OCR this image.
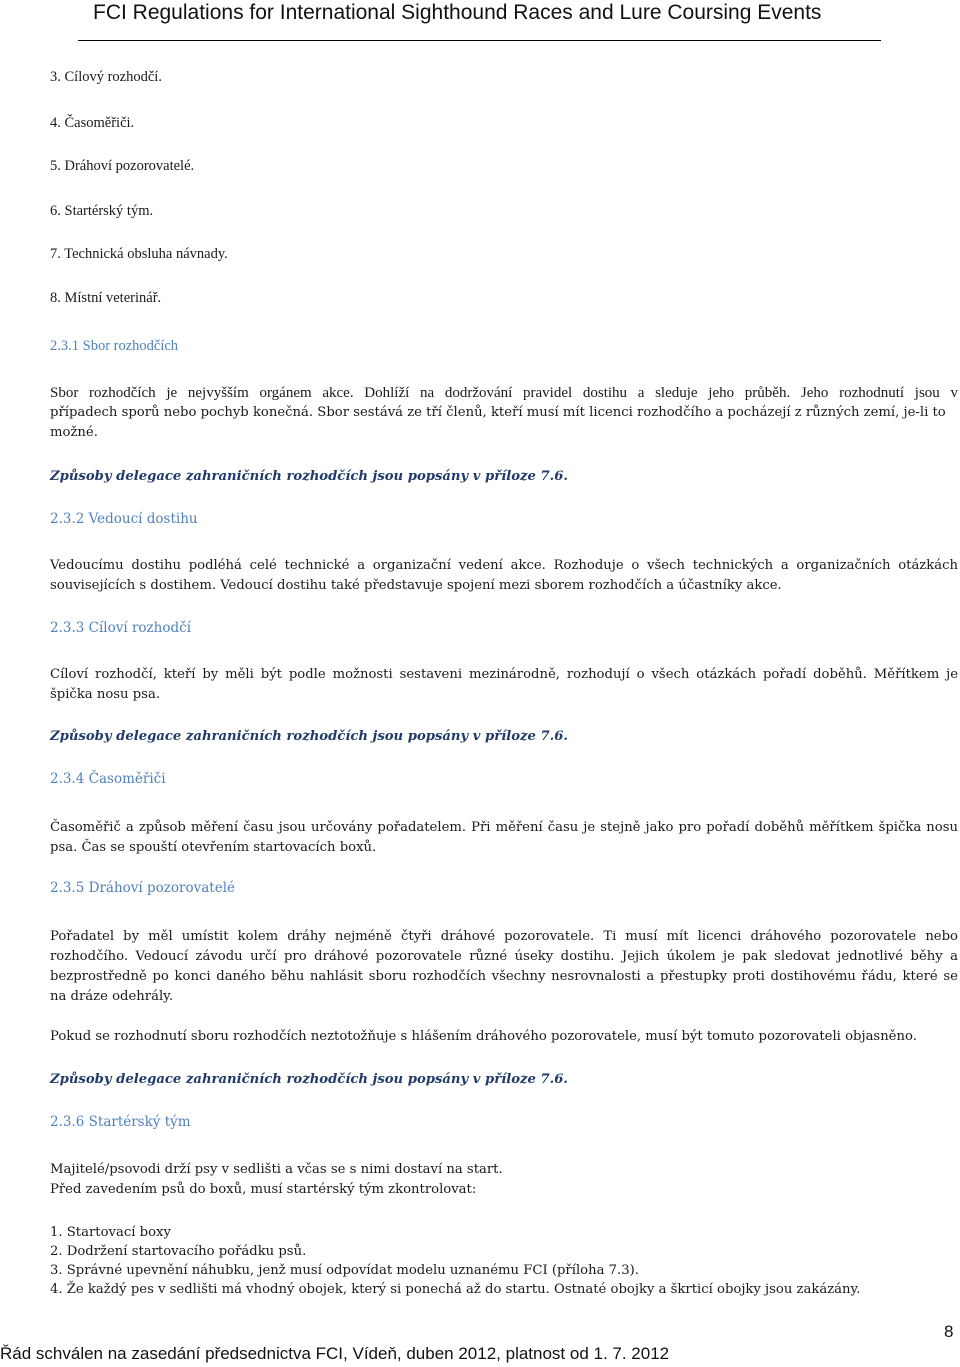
FCI Regulations for International Sighthound Races and Lure Coursing Events
3. Cílový rozhodčí.
4. Časoměřiči.
5. Dráhoví pozorovatelé.
6. Startérský tým.
7. Technická obsluha návnady.
8. Místní veterinář.
2.3.1 Sbor rozhodčích
Sbor rozhodčích je nejvyšším orgánem akce. Dohlíží na dodržování pravidel dostihu a sleduje jeho průběh. Jeho rozhodnutí jsou v
případech sporů nebo pochyb konečná. Sbor sestává ze tří členů, kteří musí mít licenci rozhodčího a pocházejí z různých zemí, je-li to
možné.
Způsoby delegace zahraničních rozhodčích jsou popsány v příloze 7.6.
2.3.2 Vedoucí dostihu
Vedoucímu dostihu podléhá celé technické a organizační vedení akce. Rozhoduje o všech technických a organizačních otázkách
souvisejících s dostihem. Vedoucí dostihu také představuje spojení mezi sborem rozhodčích a účastníky akce.
2.3.3 Cíloví rozhodčí
Cíloví rozhodčí, kteří by měli být podle možnosti sestaveni mezinárodně, rozhodují o všech otázkách pořadí doběhů. Měřítkem je
špička nosu psa.
Způsoby delegace zahraničních rozhodčích jsou popsány v příloze 7.6.
2.3.4 Časoměřiči
Časoměřič a způsob měření času jsou určovány pořadatelem. Při měření času je stejně jako pro pořadí doběhů měřítkem špička nosu
psa. Čas se spouští otevřením startovacích boxů.
2.3.5 Dráhoví pozorovatelé
Pořadatel by měl umístit kolem dráhy nejméně čtyři dráhové pozorovatele. Ti musí mít licenci dráhového pozorovatele nebo
rozhodčího. Vedoucí závodu určí pro dráhové pozorovatele různé úseky dostihu. Jejich úkolem je pak sledovat jednotlivé běhy a
bezprostředně po konci daného běhu nahlásit sboru rozhodčích všechny nesrovnalosti a přestupky proti dostihovému řádu, které se
na dráze odehrály.
Pokud se rozhodnutí sboru rozhodčích neztotožňuje s hlášením dráhového pozorovatele, musí být tomuto pozorovateli objasněno.
Způsoby delegace zahraničních rozhodčích jsou popsány v příloze 7.6.
2.3.6 Startérský tým
Majitelé/psovodi drží psy v sedlišti a včas se s nimi dostaví na start.
Před zavedením psů do boxů, musí startérský tým zkontrolovat:
1. Startovací boxy
2. Dodržení startovacího pořádku psů.
3. Správné upevnění náhubku, jenž musí odpovídat modelu uznanému FCI (příloha 7.3).
4. Že každý pes v sedlišti má vhodný obojek, který si ponechá až do startu. Ostnaté obojky a škrticí obojky jsou zakázány.
8
Řád schválen na zasedání předsednictva FCI, Vídeň, duben 2012, platnost od 1. 7. 2012
